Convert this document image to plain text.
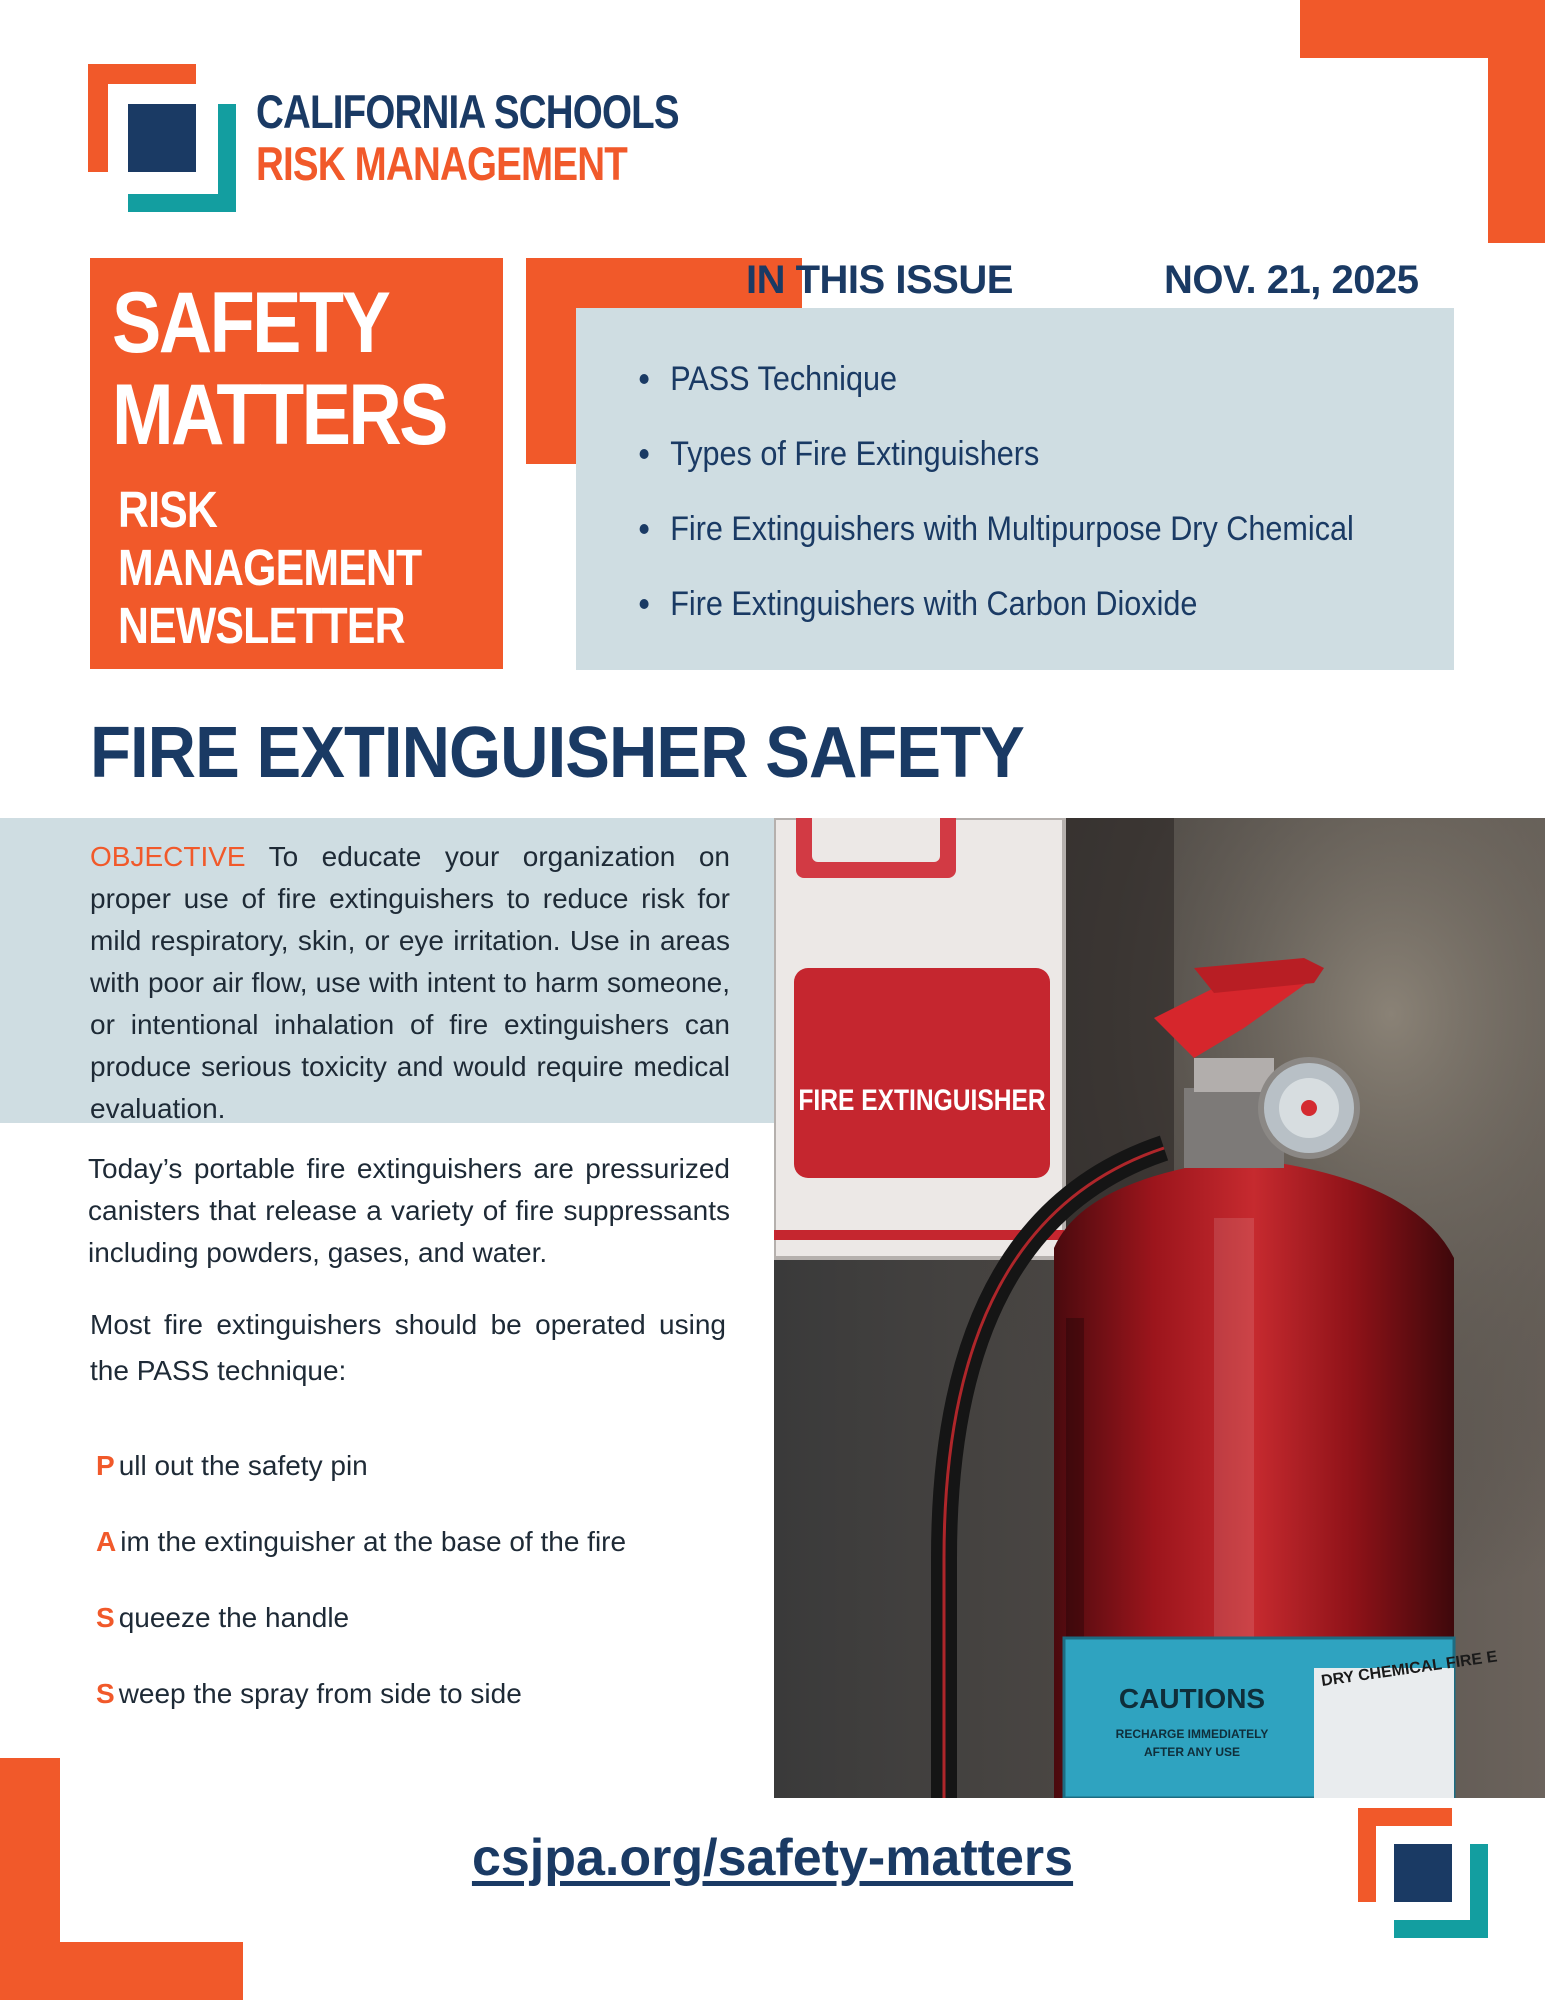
CALIFORNIA SCHOOLS
RISK MANAGEMENT
SAFETY
MATTERS
RISK
MANAGEMENT
NEWSLETTER
IN THIS ISSUE	NOV. 21, 2025
PASS Technique
Types of Fire Extinguishers
Fire Extinguishers with Multipurpose Dry Chemical
Fire Extinguishers with Carbon Dioxide
FIRE EXTINGUISHER SAFETY
OBJECTIVE To educate your organization on proper use of fire extinguishers to reduce risk for mild respiratory, skin, or eye irritation. Use in areas with poor air flow, use with intent to harm someone, or intentional inhalation of fire extinguishers can produce serious toxicity and would require medical evaluation.
Today’s portable fire extinguishers are pressurized canisters that release a variety of fire suppressants including powders, gases, and water.
Most fire extinguishers should be operated using the PASS technique:
P ull out the safety pin
A im the extinguisher at the base of the fire
S queeze the handle
S weep the spray from side to side
FIRE EXTINGUISHER
CAUTIONS
RECHARGE IMMEDIATELY
AFTER ANY USE
DRY CHEMICAL FIRE E
csjpa.org/safety-matters
